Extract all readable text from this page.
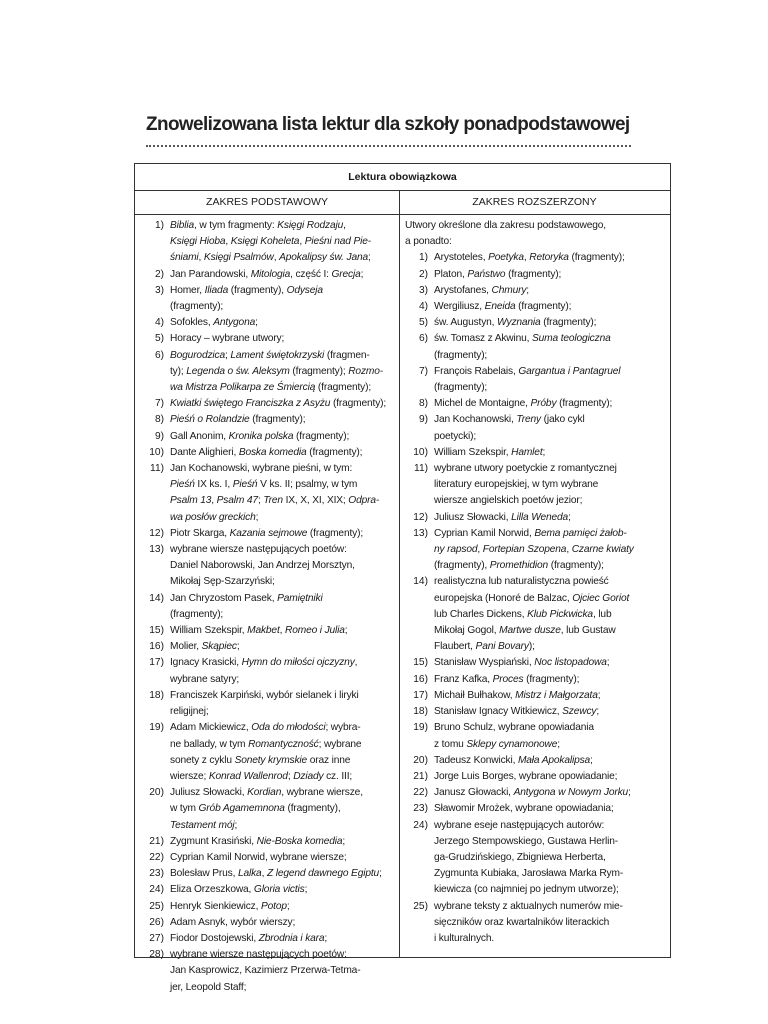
Znowelizowana lista lektur dla szkoły ponadpodstawowej
Lektura obowiązkowa
ZAKRES PODSTAWOWY	ZAKRES ROZSZERZONY
1) Biblia, w tym fragmenty: Księgi Rodzaju,
Księgi Hioba, Księgi Koheleta, Pieśni nad Pie-
śniami, Księgi Psalmów, Apokalipsy św. Jana;
2) Jan Parandowski, Mitologia, część I: Grecja;
3) Homer, Iliada (fragmenty), Odyseja
(fragmenty);
4) Sofokles, Antygona;
5) Horacy – wybrane utwory;
6) Bogurodzica; Lament świętokrzyski (fragmen-
ty); Legenda o św. Aleksym (fragmenty); Rozmo-
wa Mistrza Polikarpa ze Śmiercią (fragmenty);
7) Kwiatki świętego Franciszka z Asyżu (fragmenty);
8) Pieśń o Rolandzie (fragmenty);
9) Gall Anonim, Kronika polska (fragmenty);
10) Dante Alighieri, Boska komedia (fragmenty);
11) Jan Kochanowski, wybrane pieśni, w tym:
Pieśń IX ks. I, Pieśń V ks. II; psalmy, w tym
Psalm 13, Psalm 47; Tren IX, X, XI, XIX; Odpra-
wa posłów greckich;
12) Piotr Skarga, Kazania sejmowe (fragmenty);
13) wybrane wiersze następujących poetów:
Daniel Naborowski, Jan Andrzej Morsztyn,
Mikołaj Sęp-Szarzyński;
14) Jan Chryzostom Pasek, Pamiętniki
(fragmenty);
15) William Szekspir, Makbet, Romeo i Julia;
16) Molier, Skąpiec;
17) Ignacy Krasicki, Hymn do miłości ojczyzny,
wybrane satyry;
18) Franciszek Karpiński, wybór sielanek i liryki
religijnej;
19) Adam Mickiewicz, Oda do młodości; wybra-
ne ballady, w tym Romantyczność; wybrane
sonety z cyklu Sonety krymskie oraz inne
wiersze; Konrad Wallenrod; Dziady cz. III;
20) Juliusz Słowacki, Kordian, wybrane wiersze,
w tym Grób Agamemnona (fragmenty),
Testament mój;
21) Zygmunt Krasiński, Nie-Boska komedia;
22) Cyprian Kamil Norwid, wybrane wiersze;
23) Bolesław Prus, Lalka, Z legend dawnego Egiptu;
24) Eliza Orzeszkowa, Gloria victis;
25) Henryk Sienkiewicz, Potop;
26) Adam Asnyk, wybór wierszy;
27) Fiodor Dostojewski, Zbrodnia i kara;
28) wybrane wiersze następujących poetów:
Jan Kasprowicz, Kazimierz Przerwa-Tetma-
jer, Leopold Staff;
Utwory określone dla zakresu podstawowego,
a ponadto:
1) Arystoteles, Poetyka, Retoryka (fragmenty);
2) Platon, Państwo (fragmenty);
3) Arystofanes, Chmury;
4) Wergiliusz, Eneida (fragmenty);
5) św. Augustyn, Wyznania (fragmenty);
6) św. Tomasz z Akwinu, Suma teologiczna
(fragmenty);
7) François Rabelais, Gargantua i Pantagruel
(fragmenty);
8) Michel de Montaigne, Próby (fragmenty);
9) Jan Kochanowski, Treny (jako cykl
poetycki);
10) William Szekspir, Hamlet;
11) wybrane utwory poetyckie z romantycznej
literatury europejskiej, w tym wybrane
wiersze angielskich poetów jezior;
12) Juliusz Słowacki, Lilla Weneda;
13) Cyprian Kamil Norwid, Bema pamięci żałob-
ny rapsod, Fortepian Szopena, Czarne kwiaty
(fragmenty), Promethidion (fragmenty);
14) realistyczna lub naturalistyczna powieść
europejska (Honoré de Balzac, Ojciec Goriot
lub Charles Dickens, Klub Pickwicka, lub
Mikołaj Gogol, Martwe dusze, lub Gustaw
Flaubert, Pani Bovary);
15) Stanisław Wyspiański, Noc listopadowa;
16) Franz Kafka, Proces (fragmenty);
17) Michaił Bułhakow, Mistrz i Małgorzata;
18) Stanisław Ignacy Witkiewicz, Szewcy;
19) Bruno Schulz, wybrane opowiadania
z tomu Sklepy cynamonowe;
20) Tadeusz Konwicki, Mała Apokalipsa;
21) Jorge Luis Borges, wybrane opowiadanie;
22) Janusz Głowacki, Antygona w Nowym Jorku;
23) Sławomir Mrożek, wybrane opowiadania;
24) wybrane eseje następujących autorów:
Jerzego Stempowskiego, Gustawa Herlin-
ga-Grudzińskiego, Zbigniewa Herberta,
Zygmunta Kubiaka, Jarosława Marka Rym-
kiewicza (co najmniej po jednym utworze);
25) wybrane teksty z aktualnych numerów mie-
sięczników oraz kwartalników literackich
i kulturalnych.
